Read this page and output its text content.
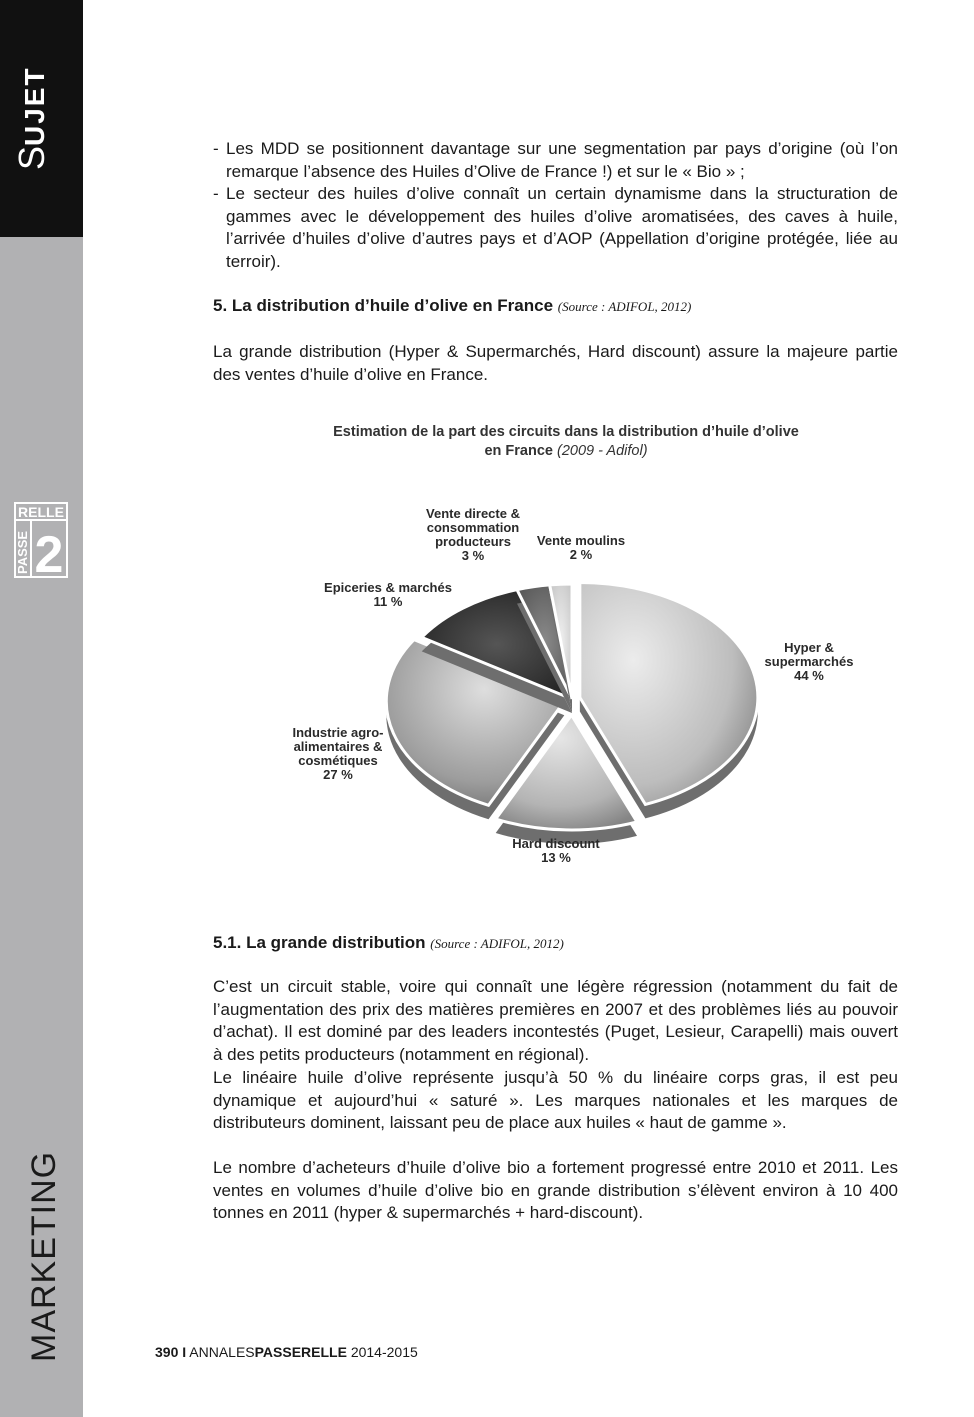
SUJET
RELLE
PASSE 2
MARKETING
- Les MDD se positionnent davantage sur une segmentation par pays d’origine (où l’on remarque l’absence des Huiles d’Olive de France !) et sur le « Bio » ;
- Le secteur des huiles d’olive connaît un certain dynamisme dans la structuration de gammes avec le développement des huiles d’olive aromatisées, des caves à huile, l’arrivée d’huiles d’olive d’autres pays et d’AOP (Appellation d’origine protégée, liée au terroir).
5. La distribution d’huile d’olive en France (Source : ADIFOL, 2012)
La grande distribution (Hyper & Supermarchés, Hard discount) assure la majeure partie des ventes d’huile d’olive en France.
Estimation de la part des circuits dans la distribution d’huile d’olive
en France (2009 - Adifol)
Hyper &
supermarchés
44 %
Hard discount
13 %
Industrie agro-
alimentaires &
cosmétiques
27 %
Epiceries & marchés
11 %
Vente directe &
consommation
producteurs
3 %
Vente moulins
2 %
5.1. La grande distribution (Source : ADIFOL, 2012)
C’est un circuit stable, voire qui connaît une légère régression (notamment du fait de l’augmentation des prix des matières premières en 2007 et des problèmes liés au pouvoir d’achat). Il est dominé par des leaders incontestés (Puget, Lesieur, Carapelli) mais ouvert à des petits producteurs (notamment en régional).
Le linéaire huile d’olive représente jusqu’à 50 % du linéaire corps gras, il est peu dynamique et aujourd’hui « saturé ». Les marques nationales et les marques de distributeurs dominent, laissant peu de place aux huiles « haut de gamme ».
Le nombre d’acheteurs d’huile d’olive bio a fortement progressé entre 2010 et 2011. Les ventes en volumes d’huile d’olive bio en grande distribution s’élèvent environ à 10 400 tonnes en 2011 (hyper & supermarchés + hard-discount).
390 I ANNALESPASSERELLE 2014-2015
